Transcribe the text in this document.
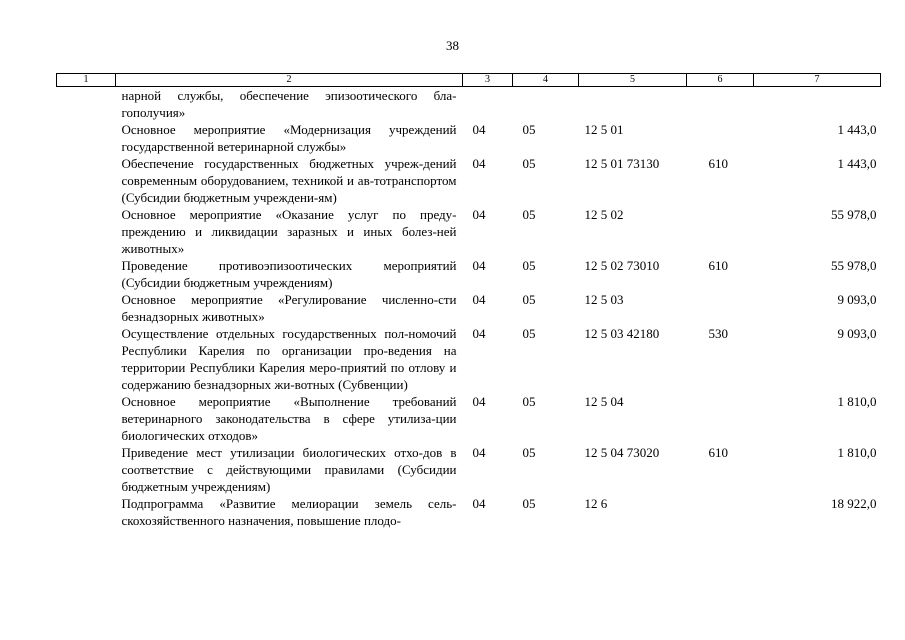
38
1	2	3	4	5	6	7

	нарной службы, обеспечение эпизоотического бла-гополучия»					

	Основное мероприятие «Модернизация учреждений государственной ветеринарной службы»	04	05	12 5 01		1 443,0

	Обеспечение государственных бюджетных учреж-дений современным оборудованием, техникой и ав-тотранспортом (Субсидии бюджетным учреждени-ям)	04	05	12 5 01 73130	610	1 443,0

	Основное мероприятие «Оказание услуг по преду-преждению и ликвидации заразных и иных болез-ней животных»	04	05	12 5 02		55 978,0

	Проведение противоэпизоотических мероприятий (Субсидии бюджетным учреждениям)	04	05	12 5 02 73010	610	55 978,0

	Основное мероприятие «Регулирование численно-сти безнадзорных животных»	04	05	12 5 03		9 093,0

	Осуществление отдельных государственных пол-номочий Республики Карелия по организации про-ведения на территории Республики Карелия меро-приятий по отлову и содержанию безнадзорных жи-вотных (Субвенции)	04	05	12 5 03 42180	530	9 093,0

	Основное мероприятие «Выполнение требований ветеринарного законодательства в сфере утилиза-ции биологических отходов»	04	05	12 5 04		1 810,0

	Приведение мест утилизации биологических отхо-дов в соответствие с действующими правилами (Субсидии бюджетным учреждениям)	04	05	12 5 04 73020	610	1 810,0

	Подпрограмма «Развитие мелиорации земель сель-скохозяйственного назначения, повышение плодо-	04	05	12 6		18 922,0
